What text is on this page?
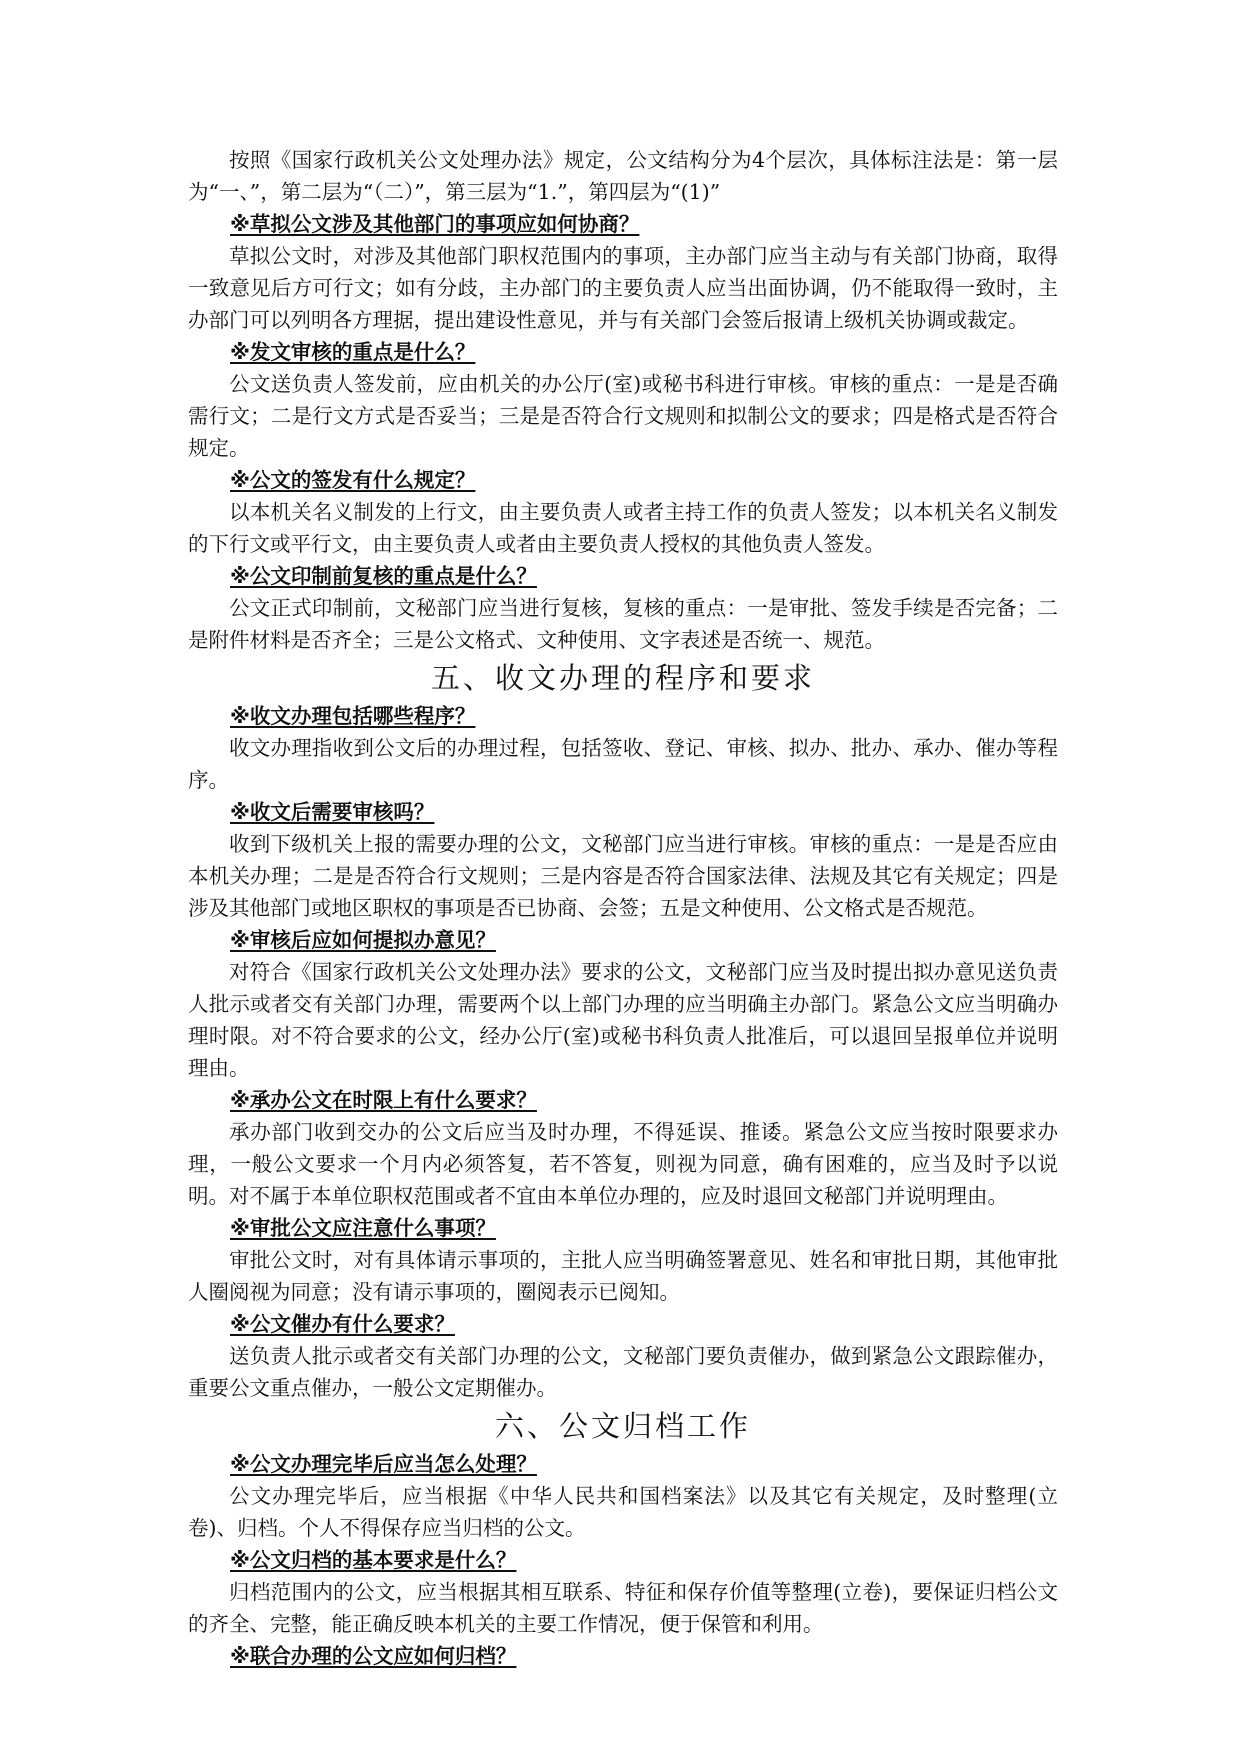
按照《国家行政机关公文处理办法》规定，公文结构分为4个层次，具体标注法是：第一层为“一、”，第二层为“（二）”，第三层为“1.”，第四层为“(1)”

※草拟公文涉及其他部门的事项应如何协商？

草拟公文时，对涉及其他部门职权范围内的事项，主办部门应当主动与有关部门协商，取得一致意见后方可行文；如有分歧，主办部门的主要负责人应当出面协调，仍不能取得一致时，主办部门可以列明各方理据，提出建设性意见，并与有关部门会签后报请上级机关协调或裁定。

※发文审核的重点是什么？

公文送负责人签发前，应由机关的办公厅(室)或秘书科进行审核。审核的重点：一是是否确需行文；二是行文方式是否妥当；三是是否符合行文规则和拟制公文的要求；四是格式是否符合规定。

※公文的签发有什么规定？

以本机关名义制发的上行文，由主要负责人或者主持工作的负责人签发；以本机关名义制发的下行文或平行文，由主要负责人或者由主要负责人授权的其他负责人签发。

※公文印制前复核的重点是什么？

公文正式印制前，文秘部门应当进行复核，复核的重点：一是审批、签发手续是否完备；二是附件材料是否齐全；三是公文格式、文种使用、文字表述是否统一、规范。

五、收文办理的程序和要求

※收文办理包括哪些程序？

收文办理指收到公文后的办理过程，包括签收、登记、审核、拟办、批办、承办、催办等程序。

※收文后需要审核吗？

收到下级机关上报的需要办理的公文，文秘部门应当进行审核。审核的重点：一是是否应由本机关办理；二是是否符合行文规则；三是内容是否符合国家法律、法规及其它有关规定；四是涉及其他部门或地区职权的事项是否已协商、会签；五是文种使用、公文格式是否规范。

※审核后应如何提拟办意见？

对符合《国家行政机关公文处理办法》要求的公文，文秘部门应当及时提出拟办意见送负责人批示或者交有关部门办理，需要两个以上部门办理的应当明确主办部门。紧急公文应当明确办理时限。对不符合要求的公文，经办公厅(室)或秘书科负责人批准后，可以退回呈报单位并说明理由。

※承办公文在时限上有什么要求？

承办部门收到交办的公文后应当及时办理，不得延误、推诿。紧急公文应当按时限要求办理，一般公文要求一个月内必须答复，若不答复，则视为同意，确有困难的，应当及时予以说明。对不属于本单位职权范围或者不宜由本单位办理的，应及时退回文秘部门并说明理由。

※审批公文应注意什么事项？

审批公文时，对有具体请示事项的，主批人应当明确签署意见、姓名和审批日期，其他审批人圈阅视为同意；没有请示事项的，圈阅表示已阅知。

※公文催办有什么要求？

送负责人批示或者交有关部门办理的公文，文秘部门要负责催办，做到紧急公文跟踪催办，重要公文重点催办，一般公文定期催办。

六、公文归档工作

※公文办理完毕后应当怎么处理？

公文办理完毕后，应当根据《中华人民共和国档案法》以及其它有关规定，及时整理(立卷)、归档。个人不得保存应当归档的公文。

※公文归档的基本要求是什么？

归档范围内的公文，应当根据其相互联系、特征和保存价值等整理(立卷)，要保证归档公文的齐全、完整，能正确反映本机关的主要工作情况，便于保管和利用。

※联合办理的公文应如何归档？
